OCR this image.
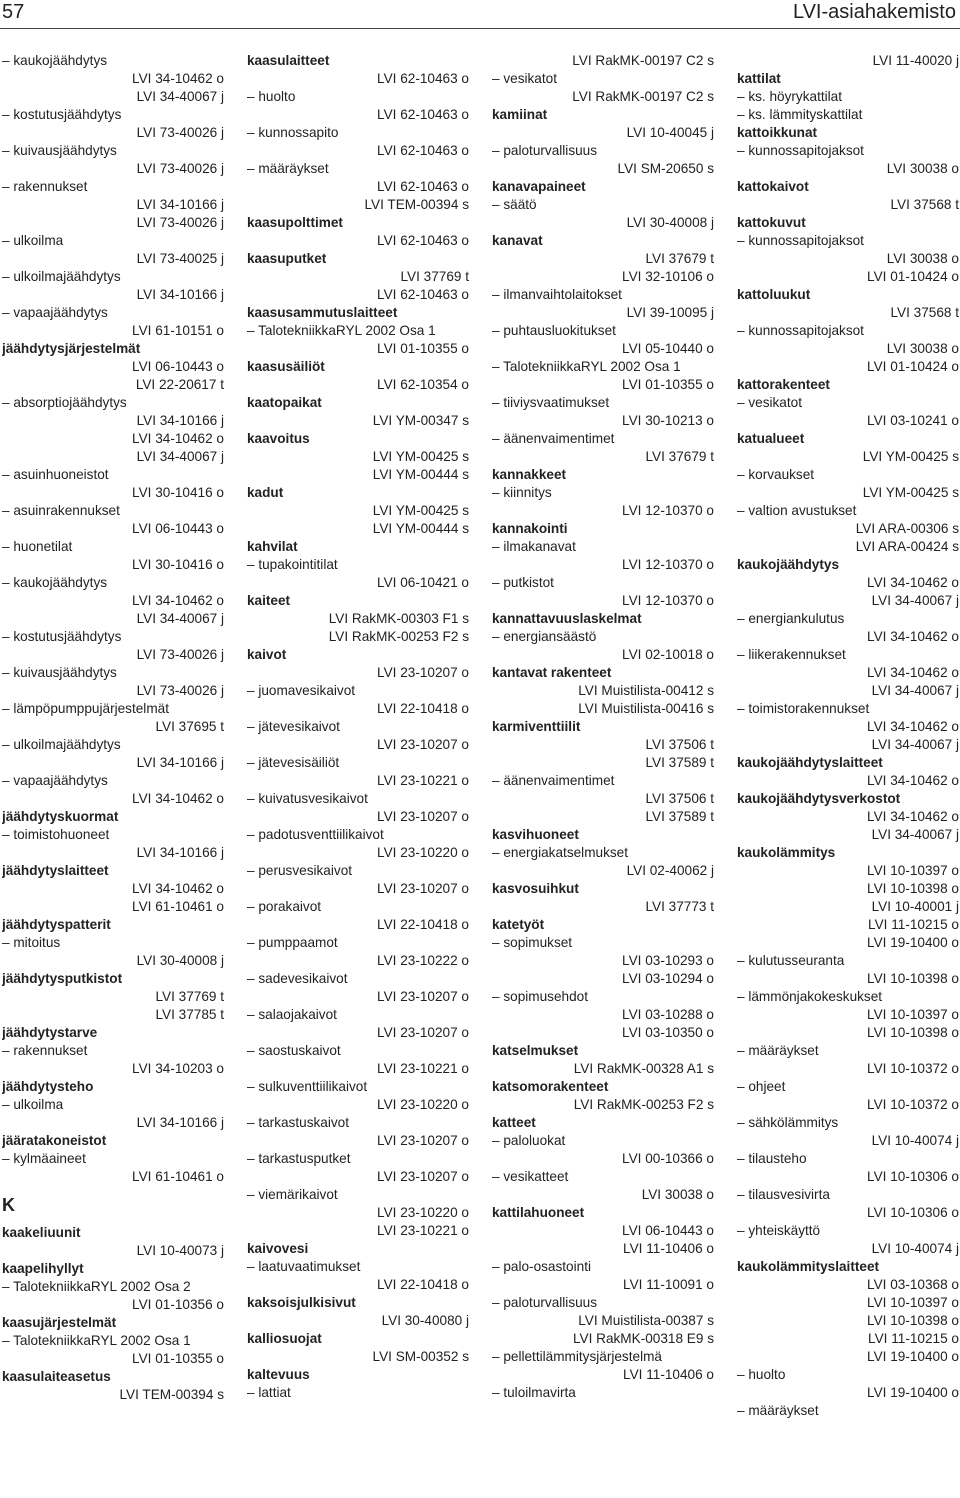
57	LVI-asiahakemisto
– kaukojäähdytys
LVI 34-10462 o
LVI 34-40067 j
– kostutusjäähdytys
LVI 73-40026 j
– kuivausjäähdytys
LVI 73-40026 j
– rakennukset
LVI 34-10166 j
LVI 73-40026 j
– ulkoilma
LVI 73-40025 j
– ulkoilmajäähdytys
LVI 34-10166 j
– vapaajäähdytys
LVI 61-10151 o
jäähdytysjärjestelmät
LVI 06-10443 o
LVI 22-20617 t
– absorptiojäähdytys
LVI 34-10166 j
LVI 34-10462 o
LVI 34-40067 j
– asuinhuoneistot
LVI 30-10416 o
– asuinrakennukset
LVI 06-10443 o
– huonetilat
LVI 30-10416 o
– kaukojäähdytys
LVI 34-10462 o
LVI 34-40067 j
– kostutusjäähdytys
LVI 73-40026 j
– kuivausjäähdytys
LVI 73-40026 j
– lämpöpumppujärjestelmät
LVI 37695 t
– ulkoilmajäähdytys
LVI 34-10166 j
– vapaajäähdytys
LVI 34-10462 o
jäähdytyskuormat
– toimistohuoneet
LVI 34-10166 j
jäähdytyslaitteet
LVI 34-10462 o
LVI 61-10461 o
jäähdytyspatterit
– mitoitus
LVI 30-40008 j
jäähdytysputkistot
LVI 37769 t
LVI 37785 t
jäähdytystarve
– rakennukset
LVI 34-10203 o
jäähdytysteho
– ulkoilma
LVI 34-10166 j
jääratakoneistot
– kylmäaineet
LVI 61-10461 o
K
kaakeliuunit
LVI 10-40073 j
kaapelihyllyt
– TalotekniikkaRYL 2002 Osa 2
LVI 01-10356 o
kaasujärjestelmät
– TalotekniikkaRYL 2002 Osa 1
LVI 01-10355 o
kaasulaiteasetus
LVI TEM-00394 s
kaasulaitteet
LVI 62-10463 o
– huolto
LVI 62-10463 o
– kunnossapito
LVI 62-10463 o
– määräykset
LVI 62-10463 o
LVI TEM-00394 s
kaasupolttimet
LVI 62-10463 o
kaasuputket
LVI 37769 t
LVI 62-10463 o
kaasusammutuslaitteet
– TalotekniikkaRYL 2002 Osa 1
LVI 01-10355 o
kaasusäiliöt
LVI 62-10354 o
kaatopaikat
LVI YM-00347 s
kaavoitus
LVI YM-00425 s
LVI YM-00444 s
kadut
LVI YM-00425 s
LVI YM-00444 s
kahvilat
– tupakointitilat
LVI 06-10421 o
kaiteet
LVI RakMK-00303 F1 s
LVI RakMK-00253 F2 s
kaivot
LVI 23-10207 o
– juomavesikaivot
LVI 22-10418 o
– jätevesikaivot
LVI 23-10207 o
– jätevesisäiliöt
LVI 23-10221 o
– kuivatusvesikaivot
LVI 23-10207 o
– padotusventtiilikaivot
LVI 23-10220 o
– perusvesikaivot
LVI 23-10207 o
– porakaivot
LVI 22-10418 o
– pumppaamot
LVI 23-10222 o
– sadevesikaivot
LVI 23-10207 o
– salaojakaivot
LVI 23-10207 o
– saostuskaivot
LVI 23-10221 o
– sulkuventtiilikaivot
LVI 23-10220 o
– tarkastuskaivot
LVI 23-10207 o
– tarkastusputket
LVI 23-10207 o
– viemärikaivot
LVI 23-10220 o
LVI 23-10221 o
kaivovesi
– laatuvaatimukset
LVI 22-10418 o
kaksoisjulkisivut
LVI 30-40080 j
kalliosuojat
LVI SM-00352 s
kaltevuus
– lattiat
LVI RakMK-00197 C2 s
– vesikatot
LVI RakMK-00197 C2 s
kamiinat
LVI 10-40045 j
– paloturvallisuus
LVI SM-20650 s
kanavapaineet
– säätö
LVI 30-40008 j
kanavat
LVI 37679 t
LVI 32-10106 o
– ilmanvaihtolaitokset
LVI 39-10095 j
– puhtausluokitukset
LVI 05-10440 o
– TalotekniikkaRYL 2002 Osa 1
LVI 01-10355 o
– tiiviysvaatimukset
LVI 30-10213 o
– äänenvaimentimet
LVI 37679 t
kannakkeet
– kiinnitys
LVI 12-10370 o
kannakointi
– ilmakanavat
LVI 12-10370 o
– putkistot
LVI 12-10370 o
kannattavuuslaskelmat
– energiansäästö
LVI 02-10018 o
kantavat rakenteet
LVI Muistilista-00412 s
LVI Muistilista-00416 s
karmiventtiilit
LVI 37506 t
LVI 37589 t
– äänenvaimentimet
LVI 37506 t
LVI 37589 t
kasvihuoneet
– energiakatselmukset
LVI 02-40062 j
kasvosuihkut
LVI 37773 t
katetyöt
– sopimukset
LVI 03-10293 o
LVI 03-10294 o
– sopimusehdot
LVI 03-10288 o
LVI 03-10350 o
katselmukset
LVI RakMK-00328 A1 s
katsomorakenteet
LVI RakMK-00253 F2 s
katteet
– paloluokat
LVI 00-10366 o
– vesikatteet
LVI 30038 o
kattilahuoneet
LVI 06-10443 o
LVI 11-10406 o
– palo-osastointi
LVI 11-10091 o
– paloturvallisuus
LVI Muistilista-00387 s
LVI RakMK-00318 E9 s
– pellettilämmitysjärjestelmä
LVI 11-10406 o
– tuloilmavirta
LVI 11-40020 j
kattilat
– ks. höyrykattilat
– ks. lämmityskattilat
kattoikkunat
– kunnossapitojaksot
LVI 30038 o
kattokaivot
LVI 37568 t
kattokuvut
– kunnossapitojaksot
LVI 30038 o
LVI 01-10424 o
kattoluukut
LVI 37568 t
– kunnossapitojaksot
LVI 30038 o
LVI 01-10424 o
kattorakenteet
– vesikatot
LVI 03-10241 o
katualueet
LVI YM-00425 s
– korvaukset
LVI YM-00425 s
– valtion avustukset
LVI ARA-00306 s
LVI ARA-00424 s
kaukojäähdytys
LVI 34-10462 o
LVI 34-40067 j
– energiankulutus
LVI 34-10462 o
– liikerakennukset
LVI 34-10462 o
LVI 34-40067 j
– toimistorakennukset
LVI 34-10462 o
LVI 34-40067 j
kaukojäähdytyslaitteet
LVI 34-10462 o
kaukojäähdytysverkostot
LVI 34-10462 o
LVI 34-40067 j
kaukolämmitys
LVI 10-10397 o
LVI 10-10398 o
LVI 10-40001 j
LVI 11-10215 o
LVI 19-10400 o
– kulutusseuranta
LVI 10-10398 o
– lämmönjakokeskukset
LVI 10-10397 o
LVI 10-10398 o
– määräykset
LVI 10-10372 o
– ohjeet
LVI 10-10372 o
– sähkölämmitys
LVI 10-40074 j
– tilausteho
LVI 10-10306 o
– tilausvesivirta
LVI 10-10306 o
– yhteiskäyttö
LVI 10-40074 j
kaukolämmityslaitteet
LVI 03-10368 o
LVI 10-10397 o
LVI 10-10398 o
LVI 11-10215 o
LVI 19-10400 o
– huolto
LVI 19-10400 o
– määräykset
